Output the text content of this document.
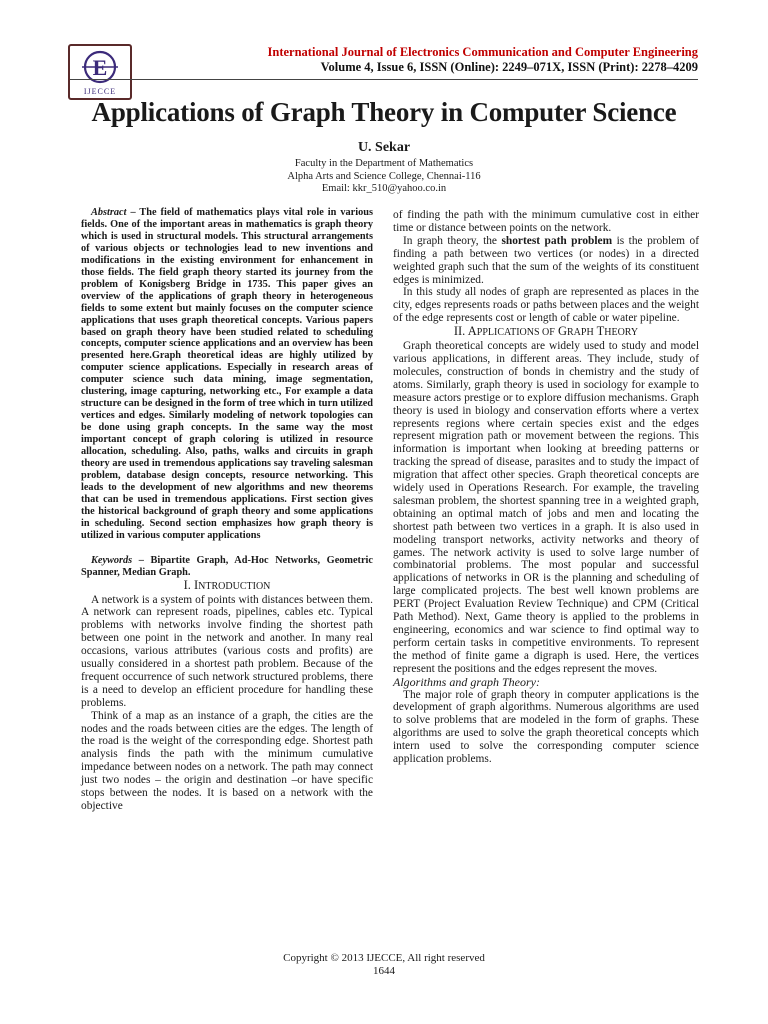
E
IJECCE
International Journal of Electronics Communication and Computer Engineering
Volume 4, Issue 6, ISSN (Online): 2249–071X, ISSN (Print): 2278–4209
Applications of Graph Theory in Computer Science
U. Sekar
Faculty in the Department of Mathematics
Alpha Arts and Science College, Chennai-116
Email: kkr_510@yahoo.co.in

Abstract – The field of mathematics plays vital role in various fields. One of the important areas in mathematics is graph theory which is used in structural models. This structural arrangements of various objects or technologies lead to new inventions and modifications in the existing environment for enhancement in those fields. The field graph theory started its journey from the problem of Konigsberg Bridge in 1735. This paper gives an overview of the applications of graph theory in heterogeneous fields to some extent but mainly focuses on the computer science applications that uses graph theoretical concepts. Various papers based on graph theory have been studied related to scheduling concepts, computer science applications and an overview has been presented here.Graph theoretical ideas are highly utilized by computer science applications. Especially in research areas of computer science such data mining, image segmentation, clustering, image capturing, networking etc., For example a data structure can be designed in the form of tree which in turn utilized vertices and edges. Similarly modeling of network topologies can be done using graph concepts. In the same way the most important concept of graph coloring is utilized in resource allocation, scheduling. Also, paths, walks and circuits in graph theory are used in tremendous applications say traveling salesman problem, database design concepts, resource networking. This leads to the development of new algorithms and new theorems that can be used in tremendous applications. First section gives the historical background of graph theory and some applications in scheduling. Second section emphasizes how graph theory is utilized in various computer applications

Keywords – Bipartite Graph, Ad-Hoc Networks, Geometric Spanner, Median Graph.

I. INTRODUCTION

A network is a system of points with distances between them. A network can represent roads, pipelines, cables etc. Typical problems with networks involve finding the shortest path between one point in the network and another. In many real occasions, various attributes (various costs and profits) are usually considered in a shortest path problem. Because of the frequent occurrence of such network structured problems, there is a need to develop an efficient procedure for handling these problems.

Think of a map as an instance of a graph, the cities are the nodes and the roads between cities are the edges. The length of the road is the weight of the corresponding edge. Shortest path analysis finds the path with the minimum cumulative impedance between nodes on a network. The path may connect just two nodes – the origin and destination –or have specific stops between the nodes. It is based on a network with the objective

of finding the path with the minimum cumulative cost in either time or distance between points on the network.

In graph theory, the shortest path problem is the problem of finding a path between two vertices (or nodes) in a directed weighted graph such that the sum of the weights of its constituent edges is minimized.

In this study all nodes of graph are represented as places in the city, edges represents roads or paths between places and the weight of the edge represents cost or length of cable or water pipeline.

II. APPLICATIONS OF GRAPH THEORY

Graph theoretical concepts are widely used to study and model various applications, in different areas. They include, study of molecules, construction of bonds in chemistry and the study of atoms. Similarly, graph theory is used in sociology for example to measure actors prestige or to explore diffusion mechanisms. Graph theory is used in biology and conservation efforts where a vertex represents regions where certain species exist and the edges represent migration path or movement between the regions. This information is important when looking at breeding patterns or tracking the spread of disease, parasites and to study the impact of migration that affect other species. Graph theoretical concepts are widely used in Operations Research. For example, the traveling salesman problem, the shortest spanning tree in a weighted graph, obtaining an optimal match of jobs and men and locating the shortest path between two vertices in a graph. It is also used in modeling transport networks, activity networks and theory of games. The network activity is used to solve large number of combinatorial problems. The most popular and successful applications of networks in OR is the planning and scheduling of large complicated projects. The best well known problems are PERT (Project Evaluation Review Technique) and CPM (Critical Path Method). Next, Game theory is applied to the problems in engineering, economics and war science to find optimal way to perform certain tasks in competitive environments. To represent the method of finite game a digraph is used. Here, the vertices represent the positions and the edges represent the moves.

Algorithms and graph Theory:

The major role of graph theory in computer applications is the development of graph algorithms. Numerous algorithms are used to solve problems that are modeled in the form of graphs. These algorithms are used to solve the graph theoretical concepts which intern used to solve the corresponding computer science application problems.

Copyright © 2013 IJECCE, All right reserved
1644
